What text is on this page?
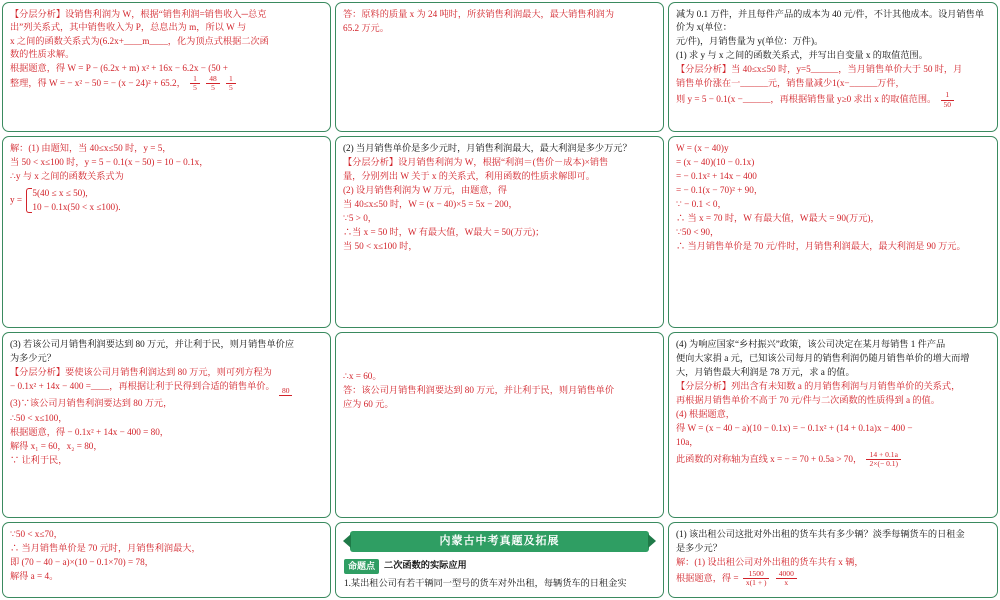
【分层分析】设销售利润为 W，根据“销售利润=销售收入─总克

出”列关系式，其中销售收入为 P，总息出为 m，所以 W 与

x 之间的函数关系式为(6.2x+____m____，化为顶点式根据二次函

数的性质求解。

根据题意，得 W = P − (6.2x + m) x² + 16x − 6.2x − (50 +

整理，得 W = − x² − 50 = − (x − 24)² + 65.2， $\frac{1}{5}$
$\frac{48}{5}$
$\frac{1}{5}$

答：原料的质量 x 为 24 吨时，所获销售利润最大，最大销售利润为

65.2 万元。

减为 0.1 万件，并且每件产品的成本为 40 元/件，不计其他成本。设月销售单价为 x(单位：

元/件)，月销售量为 y(单位：万件)。

(1) 求 y 与 x 之间的函数关系式，并写出自变量 x 的取值范围。

【分层分析】当 40≤x≤50 时，y=5______，当月销售单价大于 50 时，月

销售单价涨在一______元，销售量减少1(x−______万件，

则 y = 5 − 0.1(x −______，再根据销售量 y≥0 求出 x 的取值范围。 $\frac{1}{50}$

解：(1) 由题知，当 40≤x≤50 时，y = 5，

当 50 < x≤100 时，y = 5 − 0.1(x − 50) = 10 − 0.1x，

∴y 与 x 之间的函数关系式为

y =
5(40 ≤ x ≤ 50),
10 − 0.1x(50 < x ≤100).

(2) 当月销售单价是多少元时，月销售利润最大，最大利润是多少万元？

【分层分析】设月销售利润为 W，根据“利润＝(售价－成本)×销售

量，分别列出 W 关于 x 的关系式，利用函数的性质求解即可。

(2) 设月销售利润为 W 万元，由题意，得

当 40≤x≤50 时，W = (x − 40)×5 = 5x − 200，

∵5 > 0，

∴当 x = 50 时，W 有最大值，W最大 = 50(万元)；

当 50 < x≤100 时，

W = (x − 40)y

= (x − 40)(10 − 0.1x)

= − 0.1x² + 14x − 400

= − 0.1(x − 70)² + 90，

∵ − 0.1 < 0，

∴ 当 x = 70 时，W 有最大值，W最大 = 90(万元)，

∵50 < 90，

∴ 当月销售单价是 70 元/件时，月销售利润最大，最大利润是 90 万元。

(3) 若该公司月销售利润要达到 80 万元，并让利于民，则月销售单价应

为多少元？

【分层分析】要使该公司月销售利润达到 80 万元，则可列方程为

− 0.1x² + 14x − 400 =____，再根据让利于民得到合适的销售单价。 80

(3)∵该公司月销售利润要达到 80 万元，

∴50 < x≤100，

根据题意，得 − 0.1x² + 14x − 400 = 80，

解得 x₁ = 60，x₂ = 80，

∵ 让利于民，

∴x = 60。

答：该公司月销售利润要达到 80 万元，并让利于民，则月销售单价

应为 60 元。

(4) 为响应国家“乡村振兴”政策，该公司决定在某月每销售 1 件产品

便向大家捐 a 元，已知该公司每月的销售利润仍随月销售单价的增大而增

大，月销售最大利润是 78 万元，求 a 的值。

【分层分析】列出含有未知数 a 的月销售利润与月销售单价的关系式，

再根据月销售单价不高于 70 元/件与二次函数的性质得到 a 的值。

(4) 根据题意，

得 W = (x − 40 − a)(10 − 0.1x) = − 0.1x² + (14 + 0.1a)x − 400 −

10a，

此函数的对称轴为直线 x = − = 70 + 0.5a > 70， $\frac{14 + 0.1a}{2\times(- 0.1)}$

∵50 < x≤70，

∴ 当月销售单价是 70 元时，月销售利润最大，

即 (70 − 40 − a)×(10 − 0.1×70) = 78，

解得 a = 4。

内蒙古中考真题及拓展
命题点 二次函数的实际应用

1.某出租公司有若干辆同一型号的货车对外出租，每辆货车的日租金实

(1) 该出租公司这批对外出租的货车共有多少辆？淡季每辆货车的日租金

是多少元？

解：(1) 设出租公司对外出租的货车共有 x 辆，

根据题意，得 = $\frac{1500}{x(1 + )}$
$\frac{4000}{x}$
